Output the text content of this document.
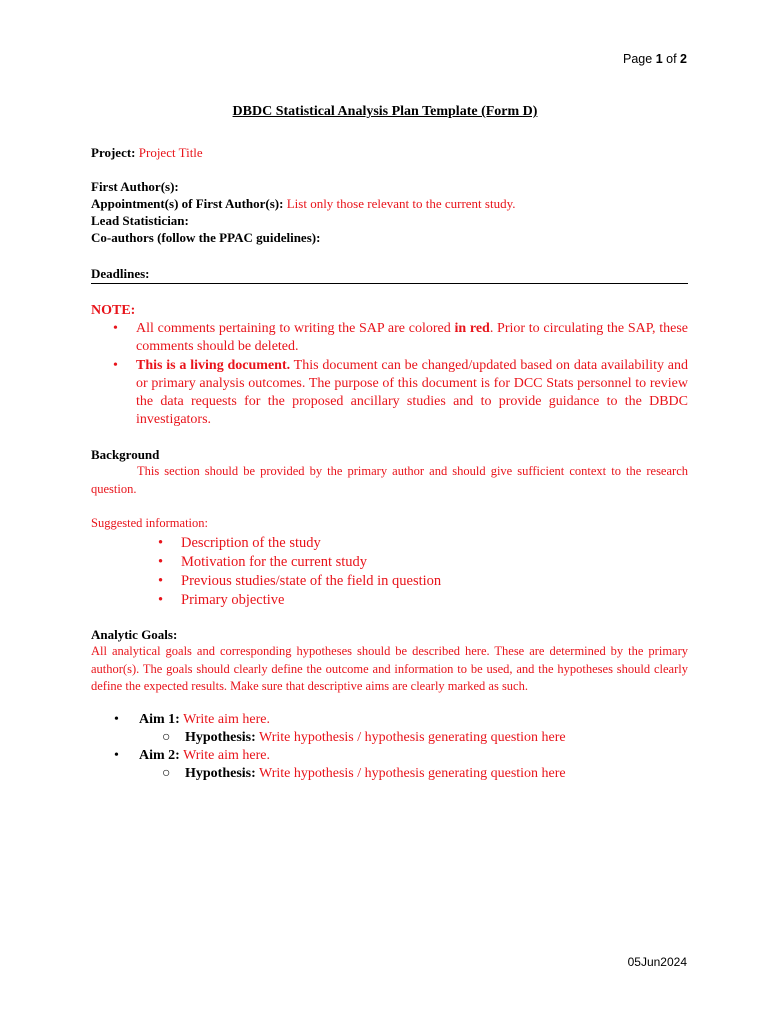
Page 1 of 2
DBDC Statistical Analysis Plan Template (Form D)
Project: Project Title
First Author(s):
Appointment(s) of First Author(s): List only those relevant to the current study.
Lead Statistician:
Co-authors (follow the PPAC guidelines):
Deadlines:
NOTE:
• All comments pertaining to writing the SAP are colored in red. Prior to circulating the SAP, these comments should be deleted.
• This is a living document. This document can be changed/updated based on data availability and or primary analysis outcomes. The purpose of this document is for DCC Stats personnel to review the data requests for the proposed ancillary studies and to provide guidance to the DBDC investigators.
Background
This section should be provided by the primary author and should give sufficient context to the research question.
Suggested information:
• Description of the study
• Motivation for the current study
• Previous studies/state of the field in question
• Primary objective
Analytic Goals:
All analytical goals and corresponding hypotheses should be described here. These are determined by the primary author(s). The goals should clearly define the outcome and information to be used, and the hypotheses should clearly define the expected results. Make sure that descriptive aims are clearly marked as such.
• Aim 1: Write aim here.
○ Hypothesis: Write hypothesis / hypothesis generating question here
• Aim 2: Write aim here.
○ Hypothesis: Write hypothesis / hypothesis generating question here
05Jun2024
